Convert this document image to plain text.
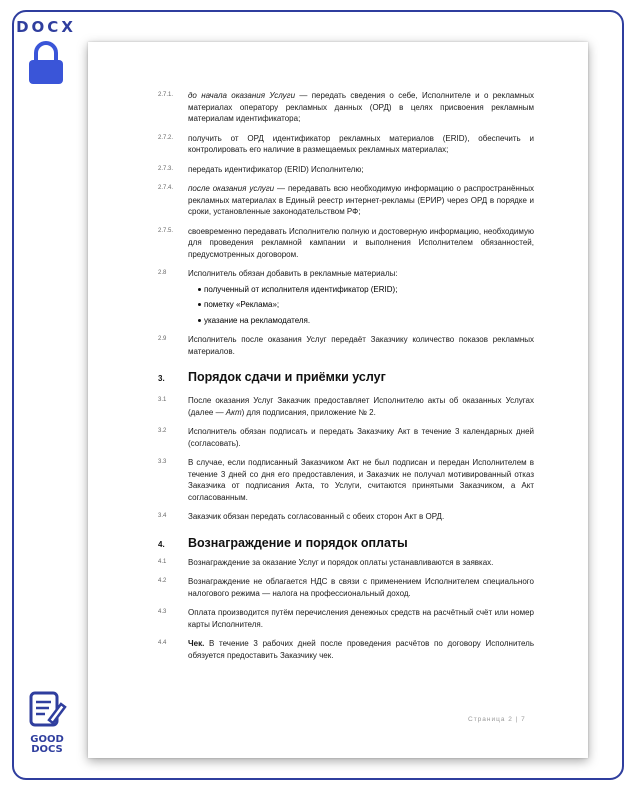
DOCX
GOOD
DOCS
2.7.1. до начала оказания Услуги — передать сведения о себе, Исполнителе и о рекламных материалах оператору рекламных данных (ОРД) в целях присвоения рекламным материалам идентификатора;
2.7.2. получить от ОРД идентификатор рекламных материалов (ERID), обеспечить и контролировать его наличие в размещаемых рекламных материалах;
2.7.3. передать идентификатор (ERID) Исполнителю;
2.7.4. после оказания услуги — передавать всю необходимую информацию о распространённых рекламных материалах в Единый реестр интернет-рекламы (ЕРИР) через ОРД в порядке и сроки, установленные законодательством РФ;
2.7.5. своевременно передавать Исполнителю полную и достоверную информацию, необходимую для проведения рекламной кампании и выполнения Исполнителем обязанностей, предусмотренных договором.
2.8	Исполнитель обязан добавить в рекламные материалы:
полученный от исполнителя идентификатор (ERID);
пометку «Реклама»;
указание на рекламодателя.
2.9	Исполнитель после оказания Услуг передаёт Заказчику количество показов рекламных материалов.
3. Порядок сдачи и приёмки услуг
3.1	После оказания Услуг Заказчик предоставляет Исполнителю акты об оказанных Услугах (далее — Акт) для подписания, приложение № 2.
3.2	Исполнитель обязан подписать и передать Заказчику Акт в течение 3 календарных дней (согласовать).
3.3	В случае, если подписанный Заказчиком Акт не был подписан и передан Исполнителем в течение 3 дней со дня его предоставления, и Заказчик не получал мотивированный отказ Заказчика от подписания Акта, то Услуги, считаются принятыми Заказчиком, а Акт согласованным.
3.4	Заказчик обязан передать согласованный с обеих сторон Акт в ОРД.
4. Вознаграждение и порядок оплаты
4.1	Вознаграждение за оказание Услуг и порядок оплаты устанавливаются в заявках.
4.2	Вознаграждение не облагается НДС в связи с применением Исполнителем специального налогового режима — налога на профессиональный доход.
4.3	Оплата производится путём перечисления денежных средств на расчётный счёт или номер карты Исполнителя.
4.4	Чек. В течение 3 рабочих дней после проведения расчётов по договору Исполнитель обязуется предоставить Заказчику чек.
Страница 2 | 7
